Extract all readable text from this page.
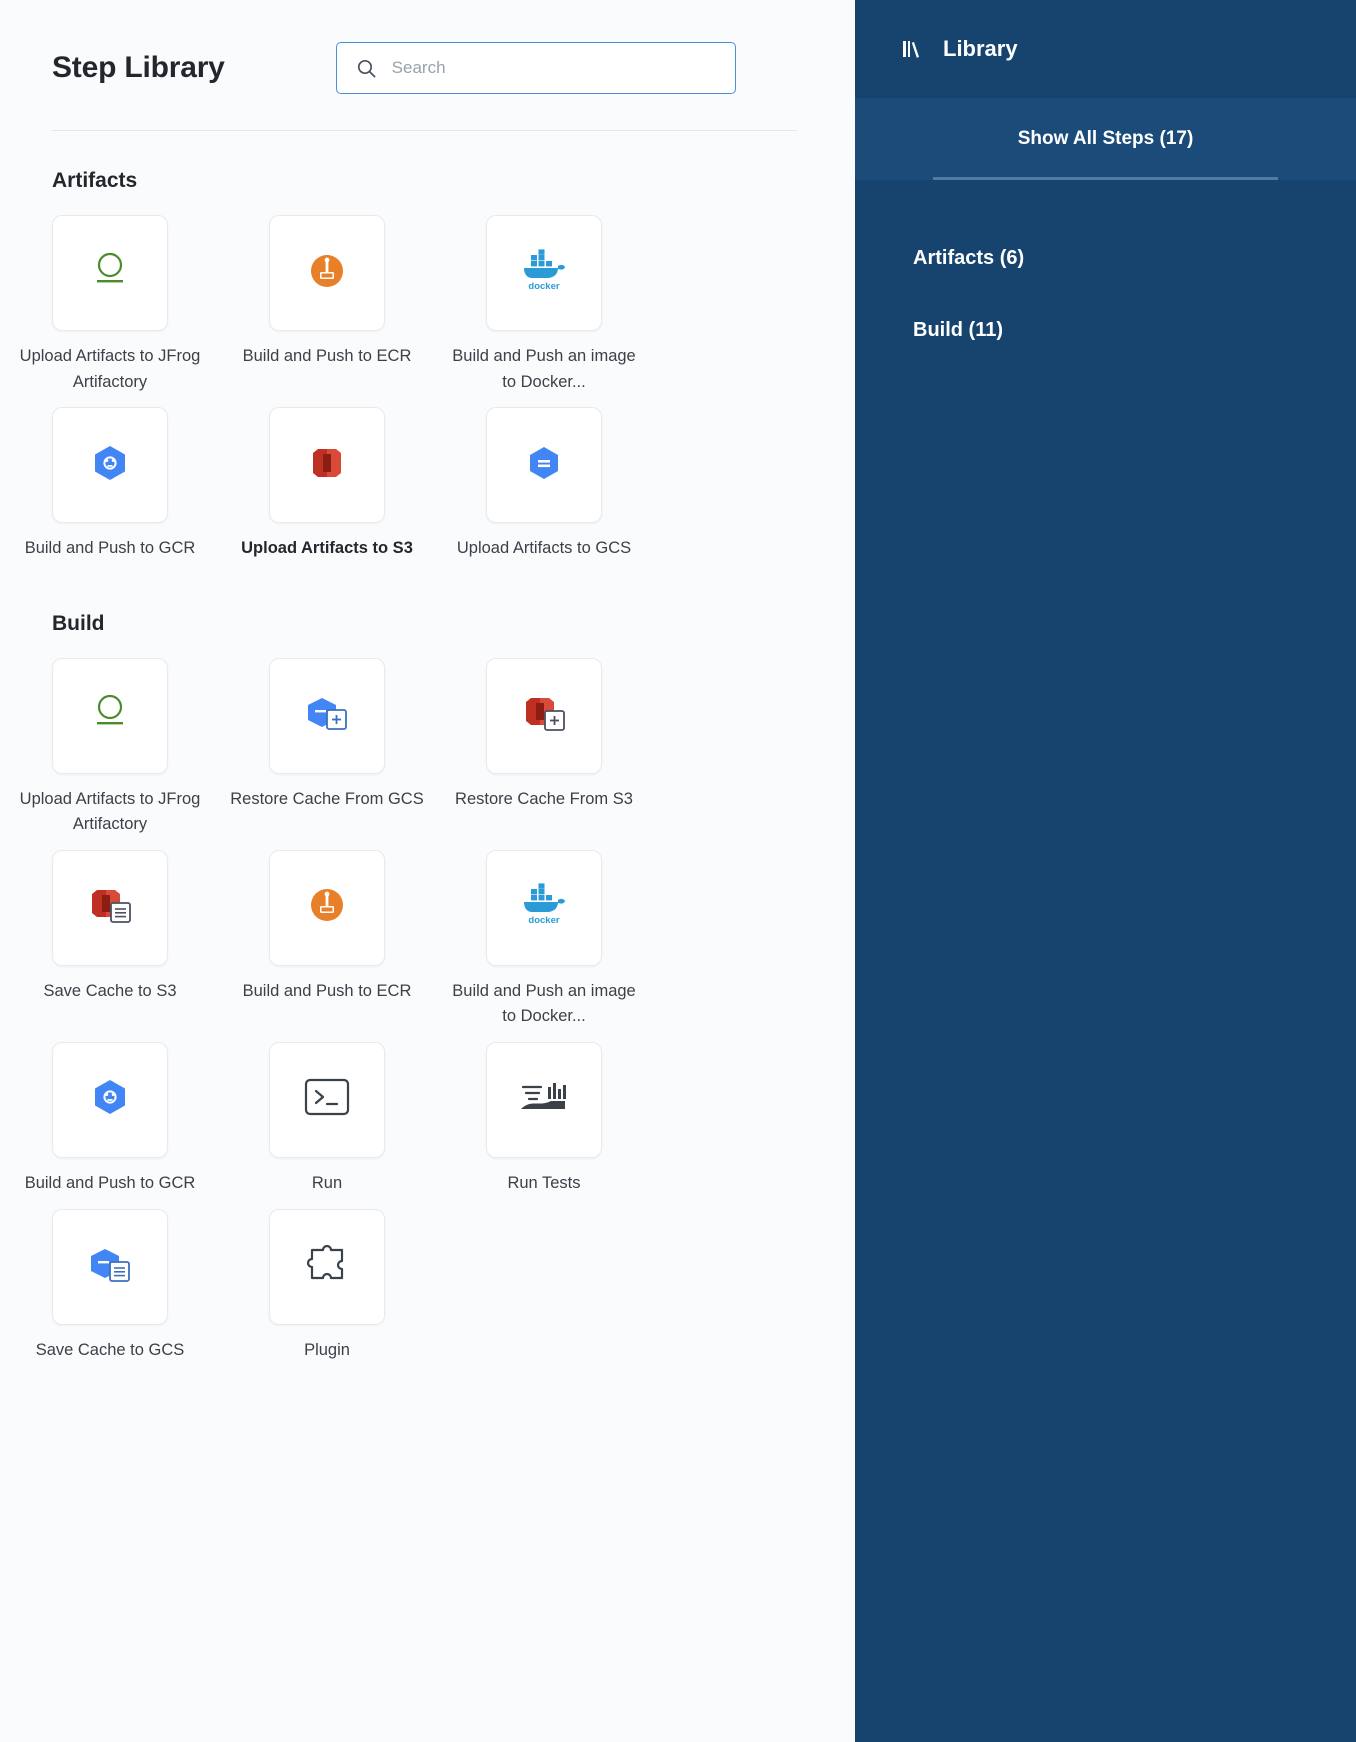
Step Library
Search
Artifacts
Upload Artifacts to JFrog Artifactory
Build and Push to ECR
docker
Build and Push an image to Docker...
Build and Push to GCR	Upload Artifacts to S3	Upload Artifacts to GCS
Build
Upload Artifacts to JFrog Artifactory
Restore Cache From GCS	Restore Cache From S3
Save Cache to S3	Build and Push to ECR
docker
Build and Push an image to Docker...
Build and Push to GCR	Run	Run Tests
Save Cache to GCS	Plugin
Library
Show All Steps (17)
Artifacts (6)
Build (11)
